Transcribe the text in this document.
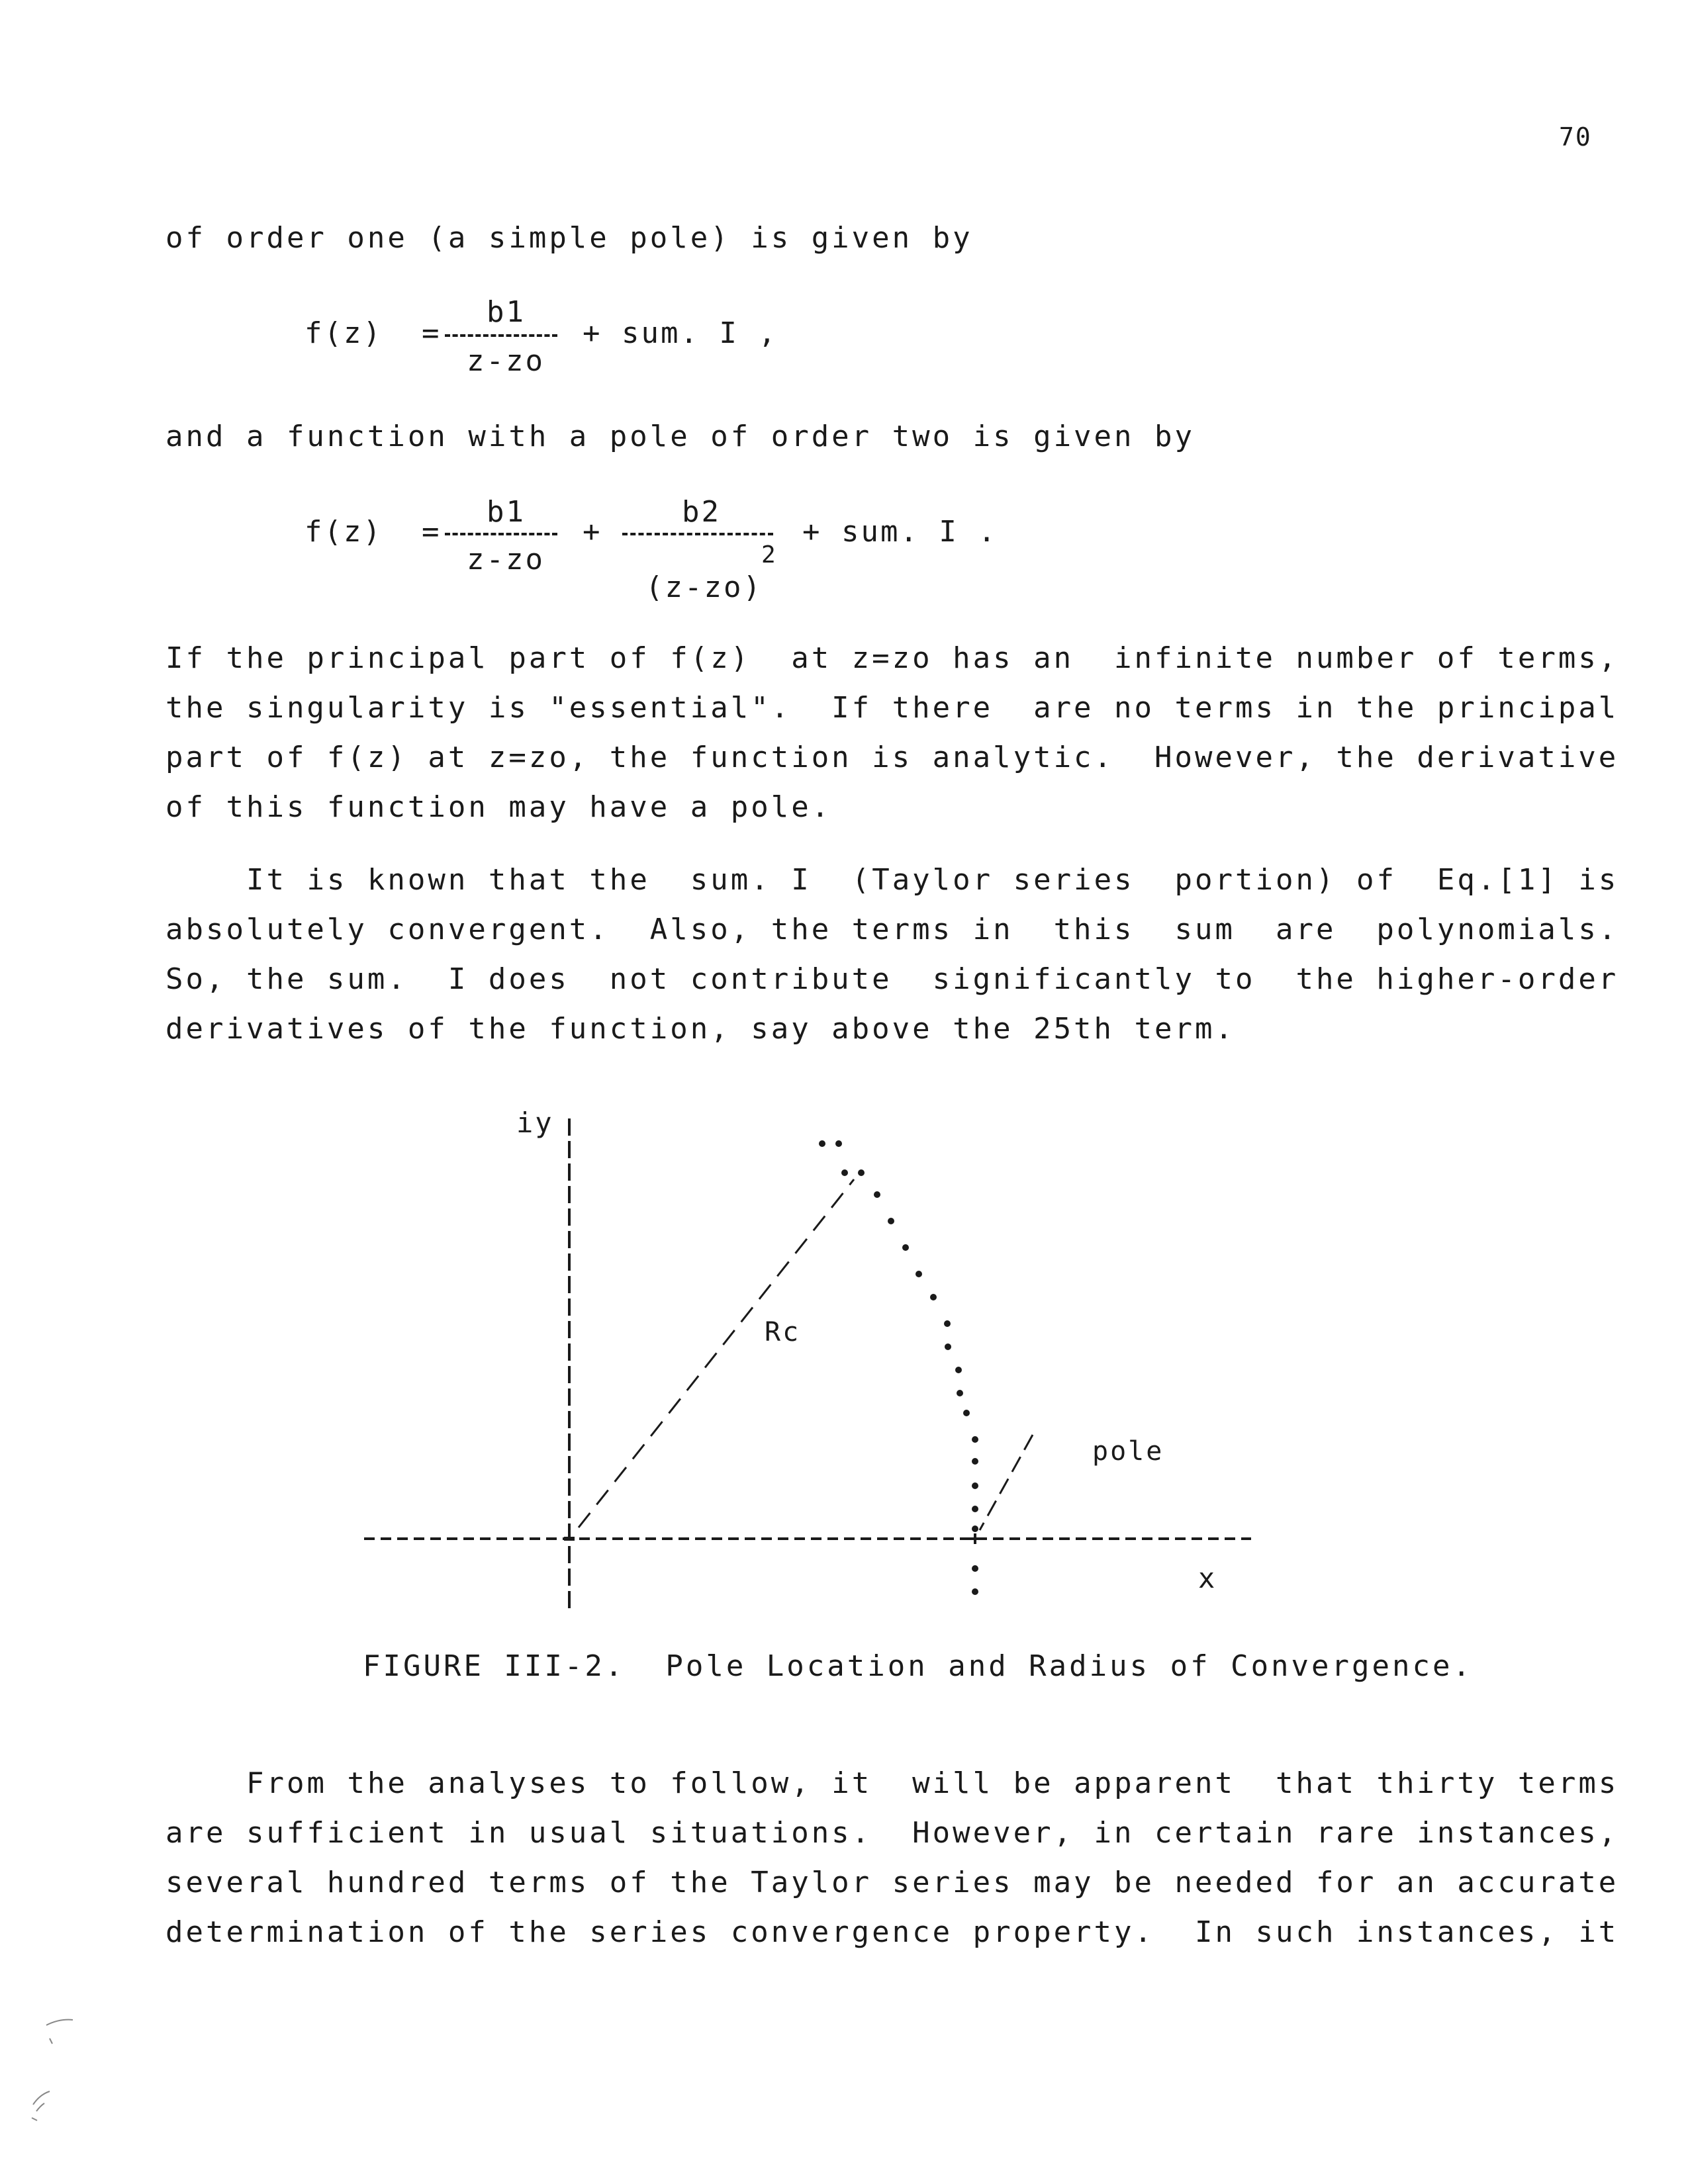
70
of order one (a simple pole) is given by
f(z)  =
b1
z-zo
+ sum. I ,
and a function with a pole of order two is given by
f(z)  =
b1
z-zo
+
b2
2
(z-zo)
+ sum. I .
If the principal part of f(z)  at z=zo has an  infinite number of terms,
the singularity is "essential".  If there  are no terms in the principal
part of f(z) at z=zo, the function is analytic.  However, the derivative
of this function may have a pole.
It is known that the  sum. I  (Taylor series  portion) of  Eq.[1] is
absolutely convergent.  Also, the terms in  this  sum  are  polynomials.
So, the sum.  I does  not contribute  significantly to  the higher-order
derivatives of the function, say above the 25th term.
iy
x
Rc
pole
FIGURE III-2.  Pole Location and Radius of Convergence.
From the analyses to follow, it  will be apparent  that thirty terms
are sufficient in usual situations.  However, in certain rare instances,
several hundred terms of the Taylor series may be needed for an accurate
determination of the series convergence property.  In such instances, it
